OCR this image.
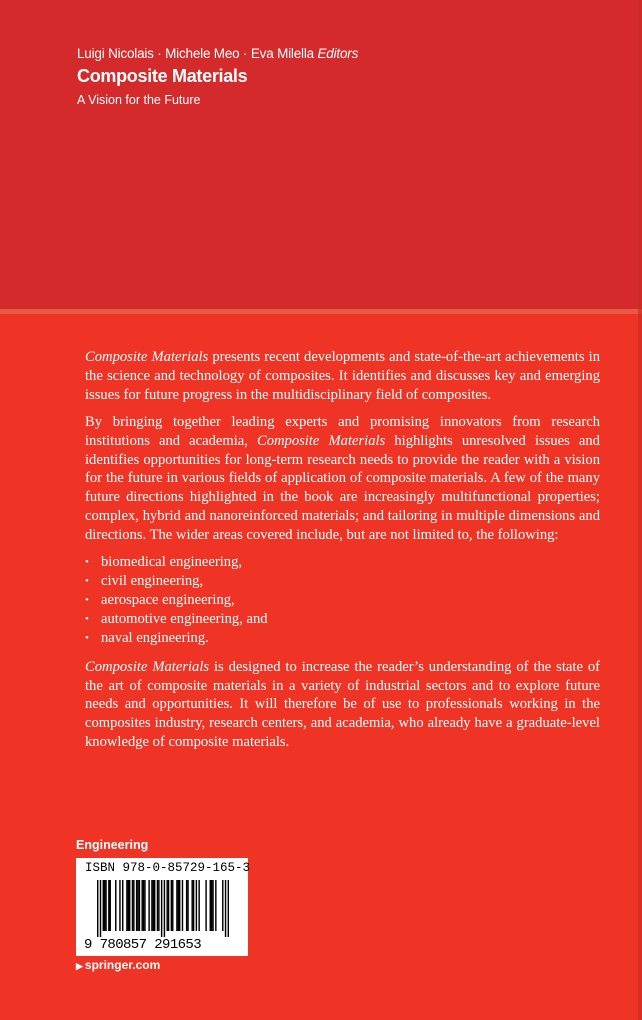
Luigi Nicolais · Michele Meo · Eva Milella Editors
Composite Materials
A Vision for the Future

Composite Materials presents recent developments and state-of-the-art achievements in the science and technology of composites. It identifies and discusses key and emerging issues for future progress in the multidisciplinary field of composites.

By bringing together leading experts and promising innovators from research institutions and academia, Composite Materials highlights unresolved issues and identifies opportunities for long-term research needs to provide the reader with a vision for the future in various fields of application of composite materials. A few of the many future directions highlighted in the book are increasingly multifunctional properties; complex, hybrid and nanoreinforced materials; and tailoring in multiple dimensions and directions. The wider areas covered include, but are not limited to, the following:

• biomedical engineering,
• civil engineering,
• aerospace engineering,
• automotive engineering, and
• naval engineering.

Composite Materials is designed to increase the reader’s understanding of the state of the art of composite materials in a variety of industrial sectors and to explore future needs and opportunities. It will therefore be of use to professionals working in the composites industry, research centers, and academia, who already have a graduate-level knowledge of composite materials.

Engineering
ISBN 978-0-85729-165-3
9 780857 291653
▶ springer.com
